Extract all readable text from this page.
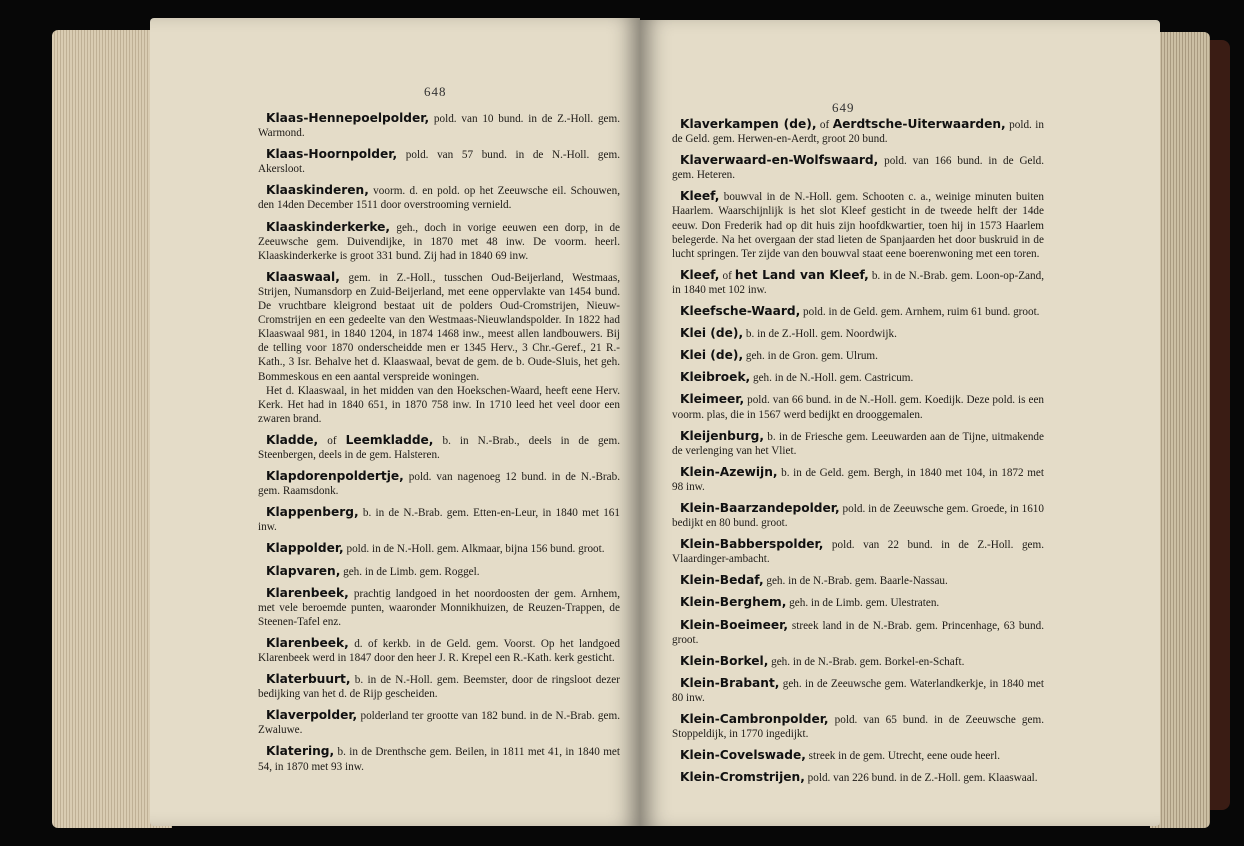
648
Klaas-Hennepoelpolder, pold. van 10 bund. in de Z.-Holl. gem. Warmond.
Klaas-Hoornpolder, pold. van 57 bund. in de N.-Holl. gem. Akersloot.
Klaaskinderen, voorm. d. en pold. op het Zeeuwsche eil. Schouwen, den 14den December 1511 door overstrooming vernield.
Klaaskinderkerke, geh., doch in vorige eeuwen een dorp, in de Zeeuwsche gem. Duivendijke, in 1870 met 48 inw. De voorm. heerl. Klaaskinderkerke is groot 331 bund. Zij had in 1840 69 inw.
Klaaswaal, gem. in Z.-Holl., tusschen Oud-Beijerland, Westmaas, Strijen, Numansdorp en Zuid-Beijerland, met eene oppervlakte van 1454 bund. De vruchtbare kleigrond bestaat uit de polders Oud-Cromstrijen, Nieuw-Cromstrijen en een gedeelte van den Westmaas-Nieuwlandspolder. In 1822 had Klaaswaal 981, in 1840 1204, in 1874 1468 inw., meest allen landbouwers. Bij de telling voor 1870 onderscheidde men er 1345 Herv., 3 Chr.-Geref., 21 R.-Kath., 3 Isr. Behalve het d. Klaaswaal, bevat de gem. de b. Oude-Sluis, het geh. Bommeskous en een aantal verspreide woningen.
Het d. Klaaswaal, in het midden van den Hoekschen-Waard, heeft eene Herv. Kerk. Het had in 1840 651, in 1870 758 inw. In 1710 leed het veel door een zwaren brand.
Kladde, of Leemkladde, b. in N.-Brab., deels in de gem. Steenbergen, deels in de gem. Halsteren.
Klapdorenpoldertje, pold. van nagenoeg 12 bund. in de N.-Brab. gem. Raamsdonk.
Klappenberg, b. in de N.-Brab. gem. Etten-en-Leur, in 1840 met 161 inw.
Klappolder, pold. in de N.-Holl. gem. Alkmaar, bijna 156 bund. groot.
Klapvaren, geh. in de Limb. gem. Roggel.
Klarenbeek, prachtig landgoed in het noordoosten der gem. Arnhem, met vele beroemde punten, waaronder Monnikhuizen, de Reuzen-Trappen, de Steenen-Tafel enz.
Klarenbeek, d. of kerkb. in de Geld. gem. Voorst. Op het landgoed Klarenbeek werd in 1847 door den heer J. R. Krepel een R.-Kath. kerk gesticht.
Klaterbuurt, b. in de N.-Holl. gem. Beemster, door de ringsloot dezer bedijking van het d. de Rijp gescheiden.
Klaverpolder, polderland ter grootte van 182 bund. in de N.-Brab. gem. Zwaluwe.
Klatering, b. in de Drenthsche gem. Beilen, in 1811 met 41, in 1840 met 54, in 1870 met 93 inw.
649
Klaverkampen (de), of Aerdtsche-Uiterwaarden, pold. in de Geld. gem. Herwen-en-Aerdt, groot 20 bund.
Klaverwaard-en-Wolfswaard, pold. van 166 bund. in de Geld. gem. Heteren.
Kleef, bouwval in de N.-Holl. gem. Schooten c. a., weinige minuten buiten Haarlem. Waarschijnlijk is het slot Kleef gesticht in de tweede helft der 14de eeuw. Don Frederik had op dit huis zijn hoofdkwartier, toen hij in 1573 Haarlem belegerde. Na het overgaan der stad lieten de Spanjaarden het door buskruid in de lucht springen. Ter zijde van den bouwval staat eene boerenwoning met een toren.
Kleef, of het Land van Kleef, b. in de N.-Brab. gem. Loon-op-Zand, in 1840 met 102 inw.
Kleefsche-Waard, pold. in de Geld. gem. Arnhem, ruim 61 bund. groot.
Klei (de), b. in de Z.-Holl. gem. Noordwijk.
Klei (de), geh. in de Gron. gem. Ulrum.
Kleibroek, geh. in de N.-Holl. gem. Castricum.
Kleimeer, pold. van 66 bund. in de N.-Holl. gem. Koedijk. Deze pold. is een voorm. plas, die in 1567 werd bedijkt en drooggemalen.
Kleijenburg, b. in de Friesche gem. Leeuwarden aan de Tijne, uitmakende de verlenging van het Vliet.
Klein-Azewijn, b. in de Geld. gem. Bergh, in 1840 met 104, in 1872 met 98 inw.
Klein-Baarzandepolder, pold. in de Zeeuwsche gem. Groede, in 1610 bedijkt en 80 bund. groot.
Klein-Babberspolder, pold. van 22 bund. in de Z.-Holl. gem. Vlaardinger-ambacht.
Klein-Bedaf, geh. in de N.-Brab. gem. Baarle-Nassau.
Klein-Berghem, geh. in de Limb. gem. Ulestraten.
Klein-Boeimeer, streek land in de N.-Brab. gem. Princenhage, 63 bund. groot.
Klein-Borkel, geh. in de N.-Brab. gem. Borkel-en-Schaft.
Klein-Brabant, geh. in de Zeeuwsche gem. Waterlandkerkje, in 1840 met 80 inw.
Klein-Cambronpolder, pold. van 65 bund. in de Zeeuwsche gem. Stoppeldijk, in 1770 ingedijkt.
Klein-Covelswade, streek in de gem. Utrecht, eene oude heerl.
Klein-Cromstrijen, pold. van 226 bund. in de Z.-Holl. gem. Klaaswaal.
